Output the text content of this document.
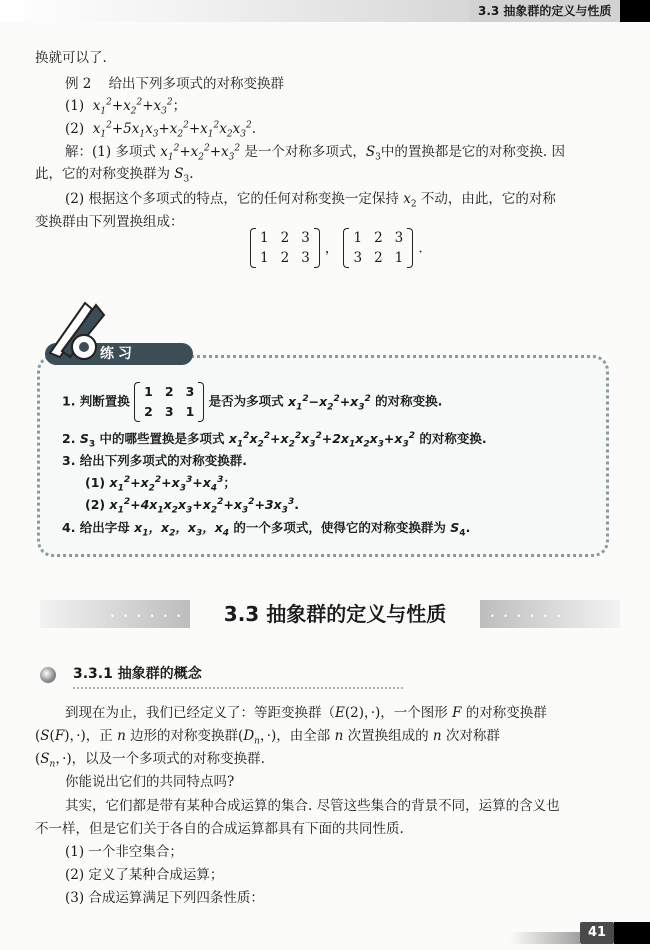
3.3 抽象群的定义与性质
换就可以了.
例 2 给出下列多项式的对称变换群
(1) $x_1^2+x_2^2+x_3^2$；
(2) $x_1^2+5x_1x_3+x_2^2+x_1^2x_2x_3^2$.
解：(1) 多项式 $x_1^2+x_2^2+x_3^2$ 是一个对称多项式，$S_3$中的置换都是它的对称变换. 因
此，它的对称变换群为 $S_3$.
(2) 根据这个多项式的特点，它的任何对称变换一定保持 $x_2$ 不动，由此，它的对称
变换群由下列置换组成：
1 2 3
1 2 3
，
1 2 3
3 2 1
.
练习
1. 判断置换
1 2 3
2 3 1
是否为多项式 $x_1^2-x_2^2+x_3^2$ 的对称变换.
2. $S_3$ 中的哪些置换是多项式 $x_1^2x_2^2+x_2^2x_3^2+2x_1x_2x_3+x_3^2$ 的对称变换.
3. 给出下列多项式的对称变换群.
(1) $x_1^2+x_2^2+x_3^3+x_4^3$；
(2) $x_1^2+4x_1x_2x_3+x_2^2+x_3^2+3x_3^3$.
4. 给出字母 $x_1$，$x_2$，$x_3$，$x_4$ 的一个多项式，使得它的对称变换群为 $S_4$.
• • • • • •	• • • • • •
3.3 抽象群的定义与性质
3.3.1 抽象群的概念
到现在为止，我们已经定义了：等距变换群（E(2)，·)，一个图形 F 的对称变换群
(S(F)，·)，正 n 边形的对称变换群($D_n$，·)，由全部 n 次置换组成的 n 次对称群
($S_n$，·)，以及一个多项式的对称变换群.
你能说出它们的共同特点吗?
其实，它们都是带有某种合成运算的集合. 尽管这些集合的背景不同，运算的含义也
不一样，但是它们关于各自的合成运算都具有下面的共同性质.
(1) 一个非空集合；
(2) 定义了某种合成运算；
(3) 合成运算满足下列四条性质：
41
